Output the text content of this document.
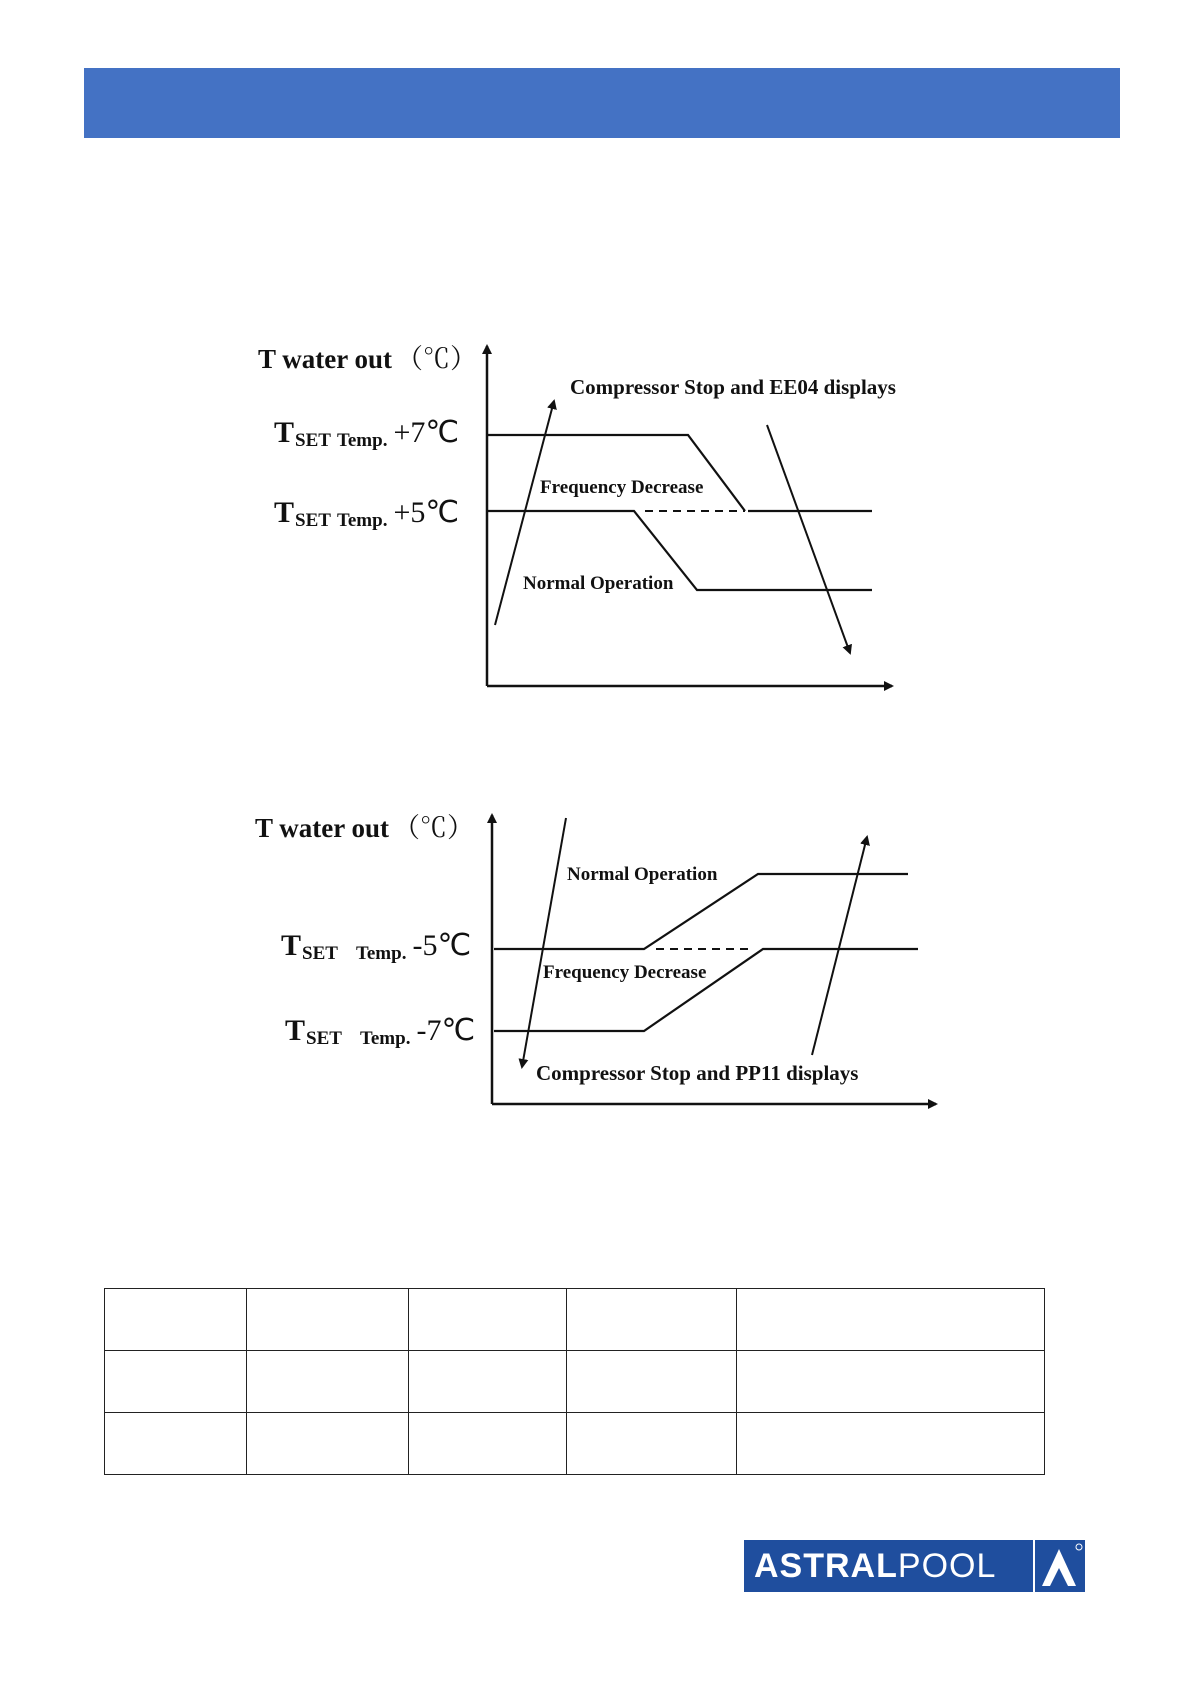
T water out （℃）
TSET Temp. +7℃
TSET Temp. +5℃
Compressor Stop and EE04 displays
Frequency Decrease
Normal Operation
T water out （℃）
TSET Temp. -5℃
TSET Temp. -7℃
Normal Operation
Frequency Decrease
Compressor Stop and PP11 displays

ASTRALPOOL
